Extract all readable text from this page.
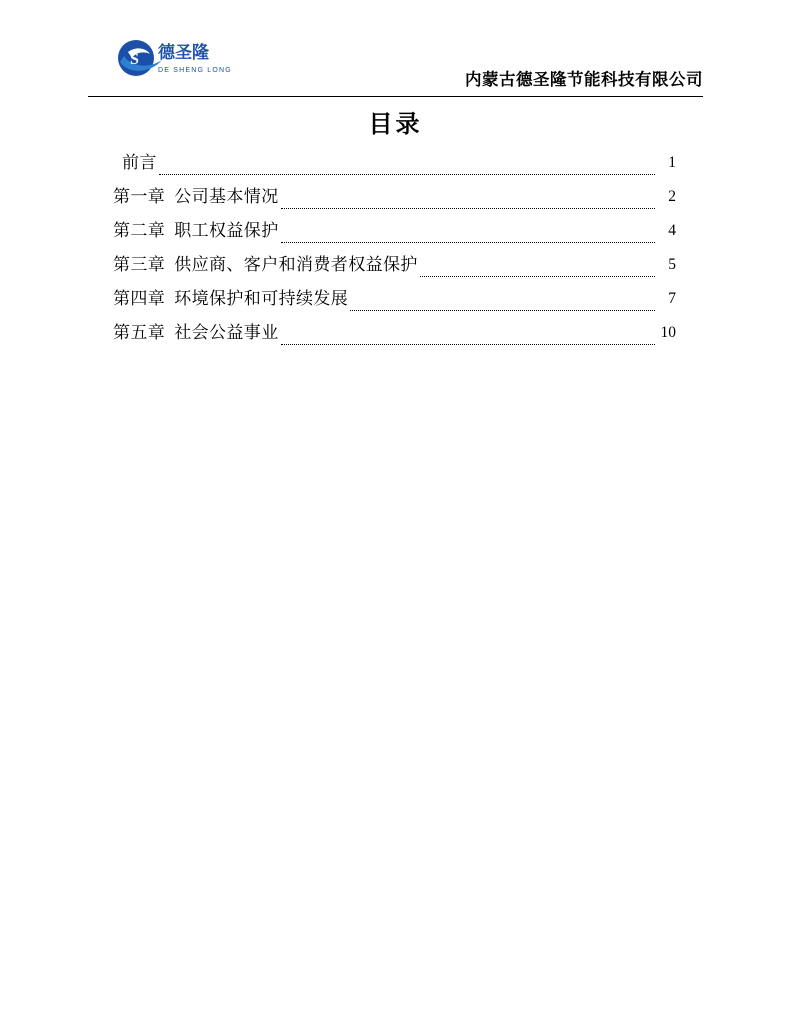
S 德圣隆
DE SHENG LONG	内蒙古德圣隆节能科技有限公司
目录
前言	1
第一章 公司基本情况	2
第二章 职工权益保护	4
第三章 供应商、客户和消费者权益保护	5
第四章 环境保护和可持续发展	7
第五章 社会公益事业	10
